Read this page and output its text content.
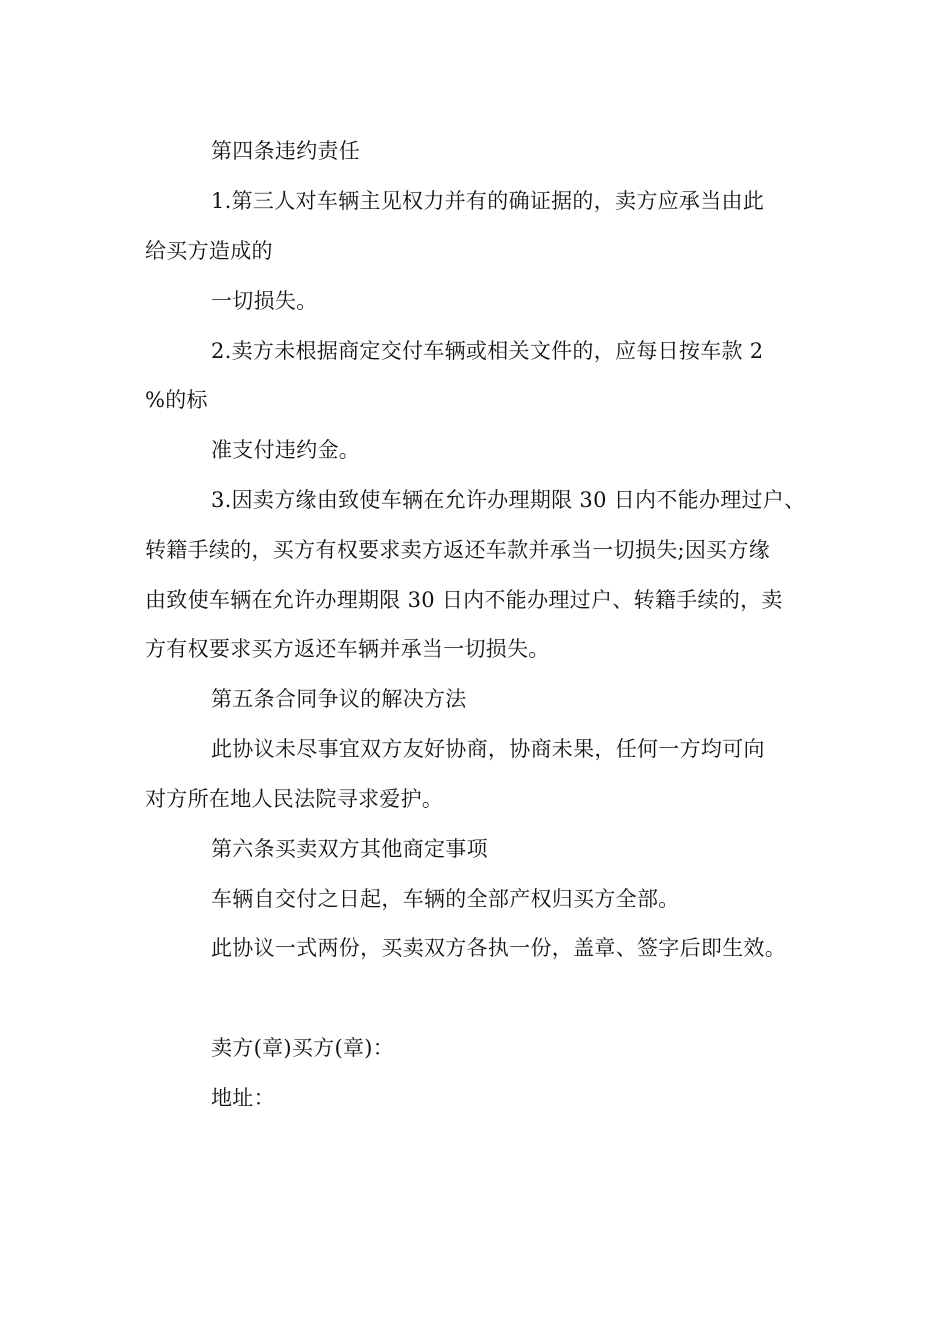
第四条违约责任
1.第三人对车辆主见权力并有的确证据的，卖方应承当由此
给买方造成的
一切损失。
2.卖方未根据商定交付车辆或相关文件的，应每日按车款 2
%的标
准支付违约金。
3.因卖方缘由致使车辆在允许办理期限 30 日内不能办理过户、
转籍手续的，买方有权要求卖方返还车款并承当一切损失;因买方缘
由致使车辆在允许办理期限 30 日内不能办理过户、转籍手续的，卖
方有权要求买方返还车辆并承当一切损失。
第五条合同争议的解决方法
此协议未尽事宜双方友好协商，协商未果，任何一方均可向
对方所在地人民法院寻求爱护。
第六条买卖双方其他商定事项
车辆自交付之日起，车辆的全部产权归买方全部。
此协议一式两份，买卖双方各执一份，盖章、签字后即生效。
卖方(章)买方(章)：
地址：
